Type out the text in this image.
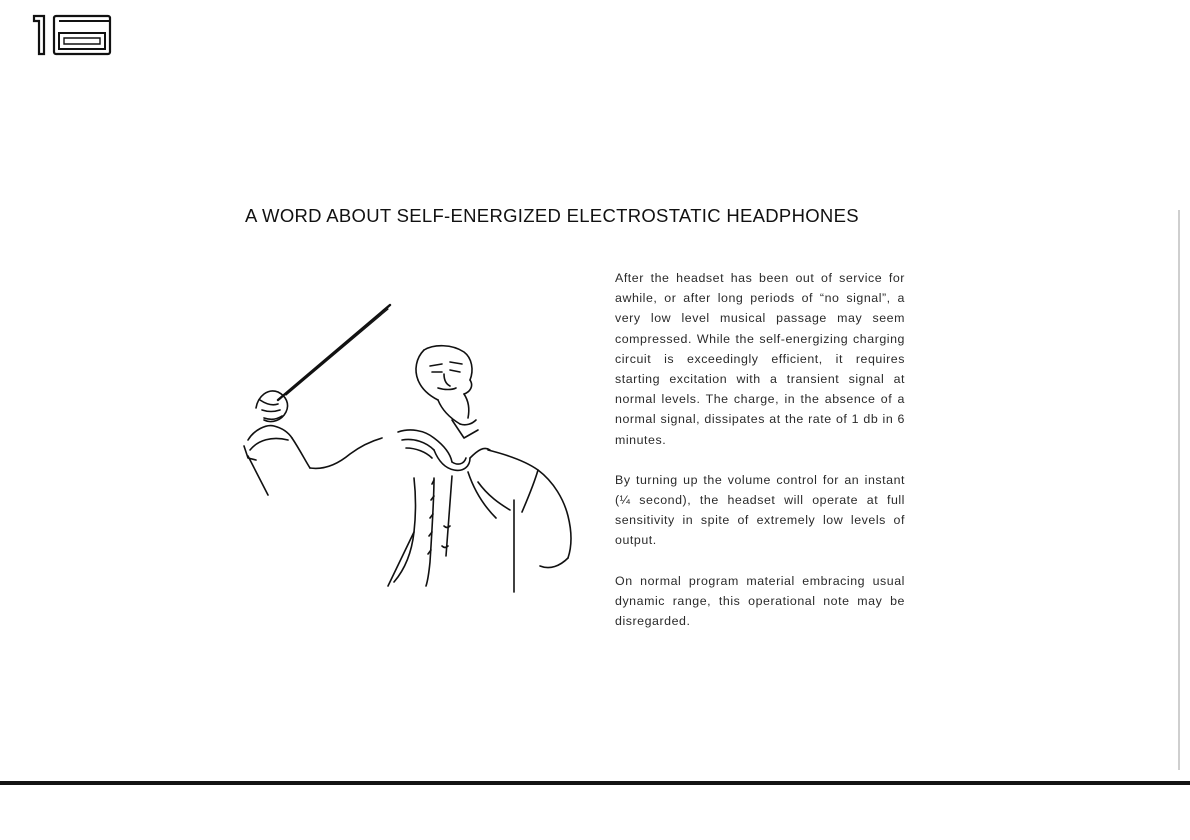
A WORD ABOUT SELF-ENERGIZED ELECTROSTATIC HEADPHONES

After the headset has been out of service for awhile, or after long periods of “no signal”, a very low level musical passage may seem compressed. While the self-energizing charging circuit is exceedingly efficient, it requires starting excitation with a transient signal at normal levels. The charge, in the absence of a normal signal, dissipates at the rate of 1 db in 6 minutes.

By turning up the volume control for an instant (¼ second), the headset will operate at full sensitivity in spite of extremely low levels of output.

On normal program material embracing usual dynamic range, this operational note may be disregarded.
